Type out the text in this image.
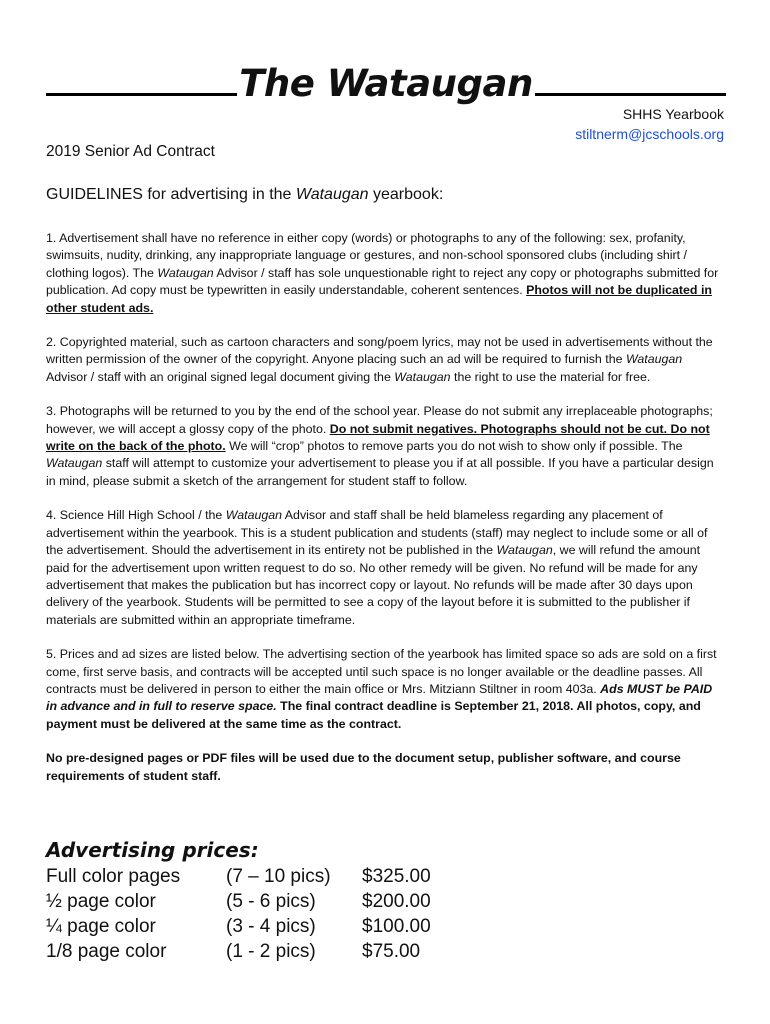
The Wataugan
SHHS Yearbook
stiltnerm@jcschools.org
2019 Senior Ad Contract
GUIDELINES for advertising in the Wataugan yearbook:

1. Advertisement shall have no reference in either copy (words) or photographs to any of the following: sex, profanity, swimsuits, nudity, drinking, any inappropriate language or gestures, and non-school sponsored clubs (including shirt / clothing logos). The Wataugan Advisor / staff has sole unquestionable right to reject any copy or photographs submitted for publication. Ad copy must be typewritten in easily understandable, coherent sentences. Photos will not be duplicated in other student ads.

2. Copyrighted material, such as cartoon characters and song/poem lyrics, may not be used in advertisements without the written permission of the owner of the copyright. Anyone placing such an ad will be required to furnish the Wataugan Advisor / staff with an original signed legal document giving the Wataugan the right to use the material for free.

3. Photographs will be returned to you by the end of the school year. Please do not submit any irreplaceable photographs; however, we will accept a glossy copy of the photo. Do not submit negatives. Photographs should not be cut. Do not write on the back of the photo. We will “crop” photos to remove parts you do not wish to show only if possible. The Wataugan staff will attempt to customize your advertisement to please you if at all possible. If you have a particular design in mind, please submit a sketch of the arrangement for student staff to follow.

4. Science Hill High School / the Wataugan Advisor and staff shall be held blameless regarding any placement of advertisement within the yearbook. This is a student publication and students (staff) may neglect to include some or all of the advertisement. Should the advertisement in its entirety not be published in the Wataugan, we will refund the amount paid for the advertisement upon written request to do so. No other remedy will be given. No refund will be made for any advertisement that makes the publication but has incorrect copy or layout. No refunds will be made after 30 days upon delivery of the yearbook. Students will be permitted to see a copy of the layout before it is submitted to the publisher if materials are submitted within an appropriate timeframe.

5. Prices and ad sizes are listed below. The advertising section of the yearbook has limited space so ads are sold on a first come, first serve basis, and contracts will be accepted until such space is no longer available or the deadline passes. All contracts must be delivered in person to either the main office or Mrs. Mitziann Stiltner in room 403a. Ads MUST be PAID in advance and in full to reserve space. The final contract deadline is September 21, 2018. All photos, copy, and payment must be delivered at the same time as the contract.

No pre-designed pages or PDF files will be used due to the document setup, publisher software, and course requirements of student staff.

Advertising prices:
Full color pages	(7 – 10 pics)	$325.00
½ page color	(5 - 6 pics)	$200.00
¼ page color	(3 - 4 pics)	$100.00
1/8 page color	(1 - 2 pics)	$75.00
